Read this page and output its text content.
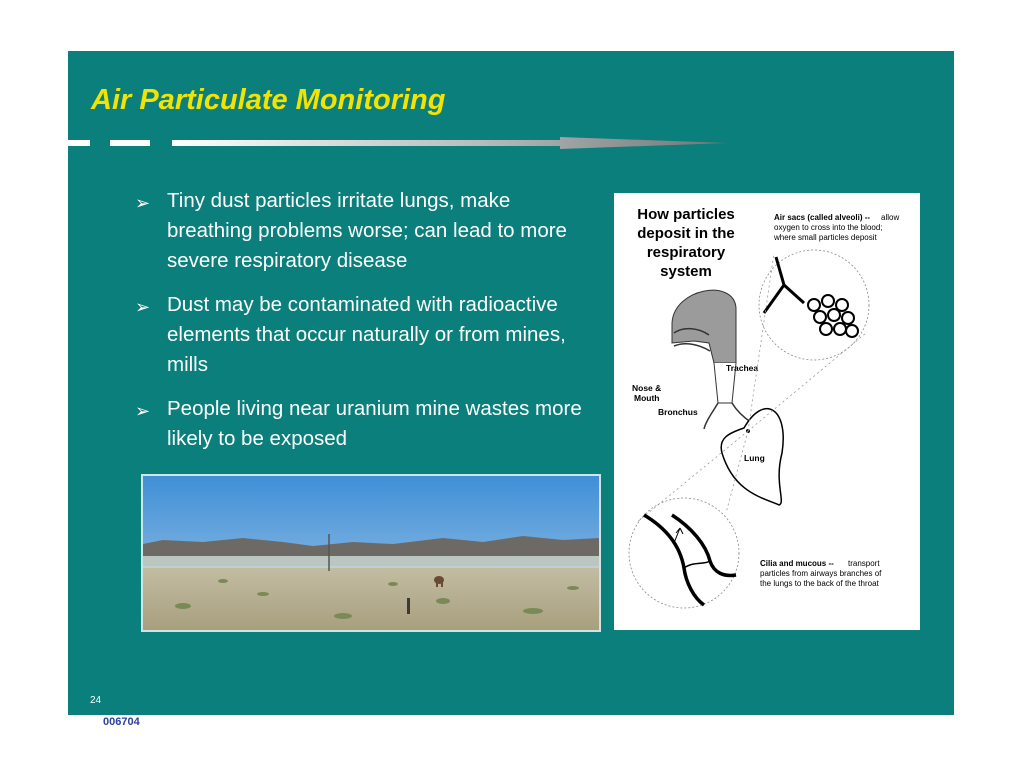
Air Particulate Monitoring
➢ Tiny dust particles irritate lungs, make breathing problems worse; can lead to more severe respiratory disease
➢ Dust may be contaminated with radioactive elements that occur naturally or from mines, mills
➢ People living near uranium mine wastes more likely to be exposed
How particles
deposit in the
respiratory
system
Air sacs (called alveoli) -- allow
oxygen to cross into the blood;
where small particles deposit
Nose &
Mouth
Trachea
Bronchus
Lung
Cilia and mucous -- transport
particles from airways branches of
the lungs to the back of the throat
24
006704
